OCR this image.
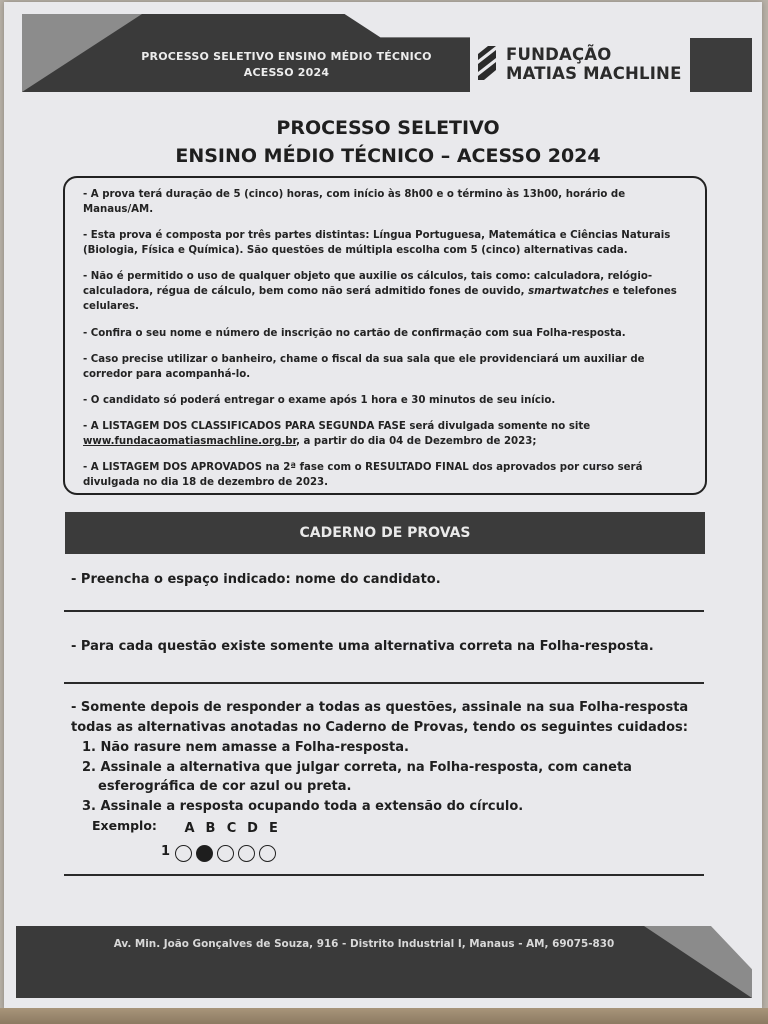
PROCESSO SELETIVO ENSINO MÉDIO TÉCNICO
ACESSO 2024
FUNDAÇÃO
MATIAS MACHLINE
PROCESSO SELETIVO
ENSINO MÉDIO TÉCNICO – ACESSO 2024
- A prova terá duração de 5 (cinco) horas, com início às 8h00 e o término às 13h00, horário de Manaus/AM.
- Esta prova é composta por três partes distintas: Língua Portuguesa, Matemática e Ciências Naturais (Biologia, Física e Química). São questões de múltipla escolha com 5 (cinco) alternativas cada.
- Não é permitido o uso de qualquer objeto que auxilie os cálculos, tais como: calculadora, relógio-calculadora, régua de cálculo, bem como não será admitido fones de ouvido, smartwatches e telefones celulares.
- Confira o seu nome e número de inscrição no cartão de confirmação com sua Folha-resposta.
- Caso precise utilizar o banheiro, chame o fiscal da sua sala que ele providenciará um auxiliar de corredor para acompanhá-lo.
- O candidato só poderá entregar o exame após 1 hora e 30 minutos de seu início.
- A LISTAGEM DOS CLASSIFICADOS PARA SEGUNDA FASE será divulgada somente no site www.fundacaomatiasmachline.org.br, a partir do dia 04 de Dezembro de 2023;
- A LISTAGEM DOS APROVADOS na 2ª fase com o RESULTADO FINAL dos aprovados por curso será divulgada no dia 18 de dezembro de 2023.
CADERNO DE PROVAS
- Preencha o espaço indicado: nome do candidato.
- Para cada questão existe somente uma alternativa correta na Folha-resposta.
- Somente depois de responder a todas as questões, assinale na sua Folha-resposta todas as alternativas anotadas no Caderno de Provas, tendo os seguintes cuidados:
1. Não rasure nem amasse a Folha-resposta.
2. Assinale a alternativa que julgar correta, na Folha-resposta, com caneta esferográfica de cor azul ou preta.
3. Assinale a resposta ocupando toda a extensão do círculo.
Exemplo:	A B C D E
1
Av. Min. João Gonçalves de Souza, 916 - Distrito Industrial I, Manaus - AM, 69075-830
